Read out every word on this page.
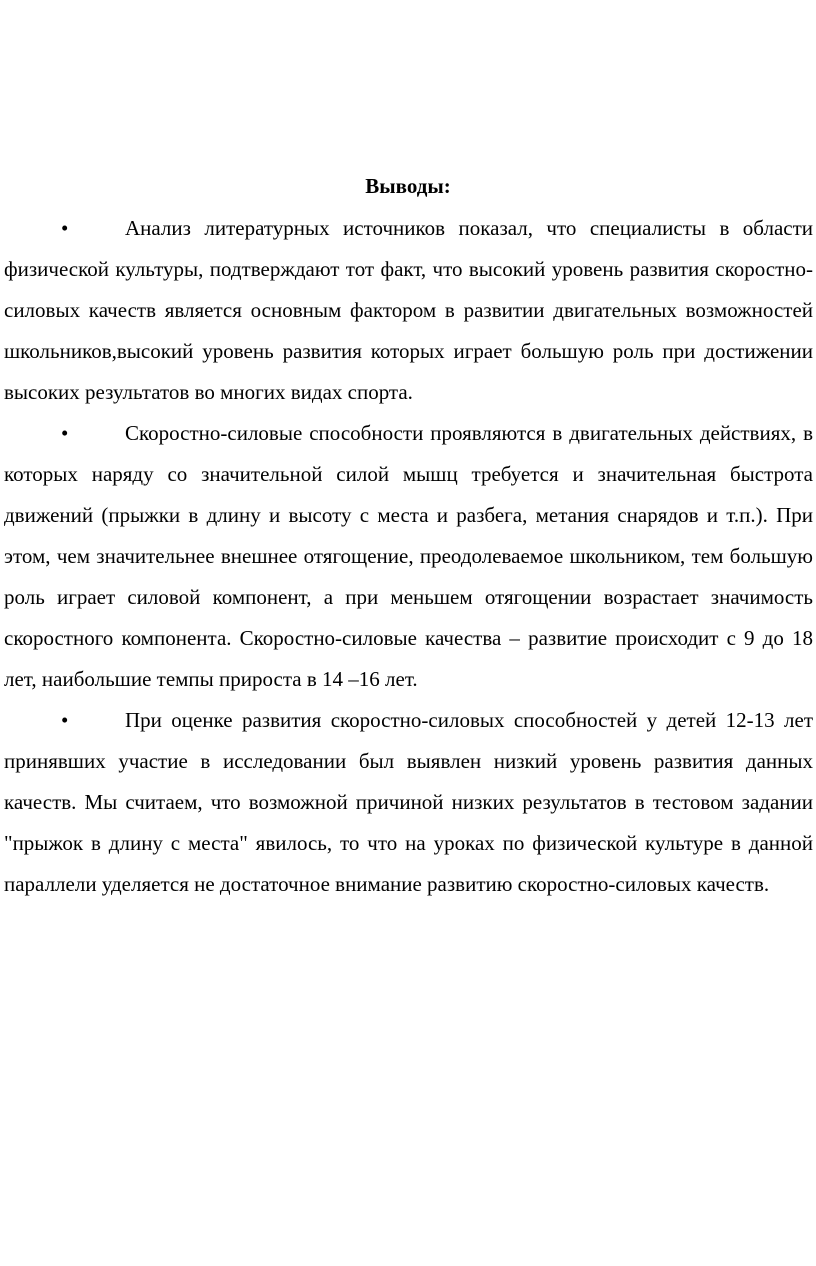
Выводы:

•	Анализ литературных источников показал, что специалисты в области физической культуры, подтверждают тот факт, что высокий уровень развития скоростно-силовых качеств является основным фактором в развитии двигательных возможностей школьников,высокий уровень развития которых играет большую роль при достижении высоких результатов во многих видах спорта.

•	Скоростно-силовые способности проявляются в двигательных действиях, в которых наряду со значительной силой мышц требуется и значительная быстрота движений (прыжки в длину и высоту с места и разбега, метания снарядов и т.п.). При этом, чем значительнее внешнее отягощение, преодолеваемое школьником, тем большую роль играет силовой компонент, а при меньшем отягощении возрастает значимость скоростного компонента. Скоростно-силовые качества – развитие происходит с 9 до 18 лет, наибольшие темпы прироста в 14 –16 лет.

•	При оценке развития скоростно-силовых способностей у детей 12-13 лет принявших участие в исследовании был выявлен низкий уровень развития данных качеств. Мы считаем, что возможной причиной низких результатов в тестовом задании "прыжок в длину с места" явилось, то что на уроках по физической культуре в данной параллели уделяется не достаточное внимание развитию скоростно-силовых качеств.
